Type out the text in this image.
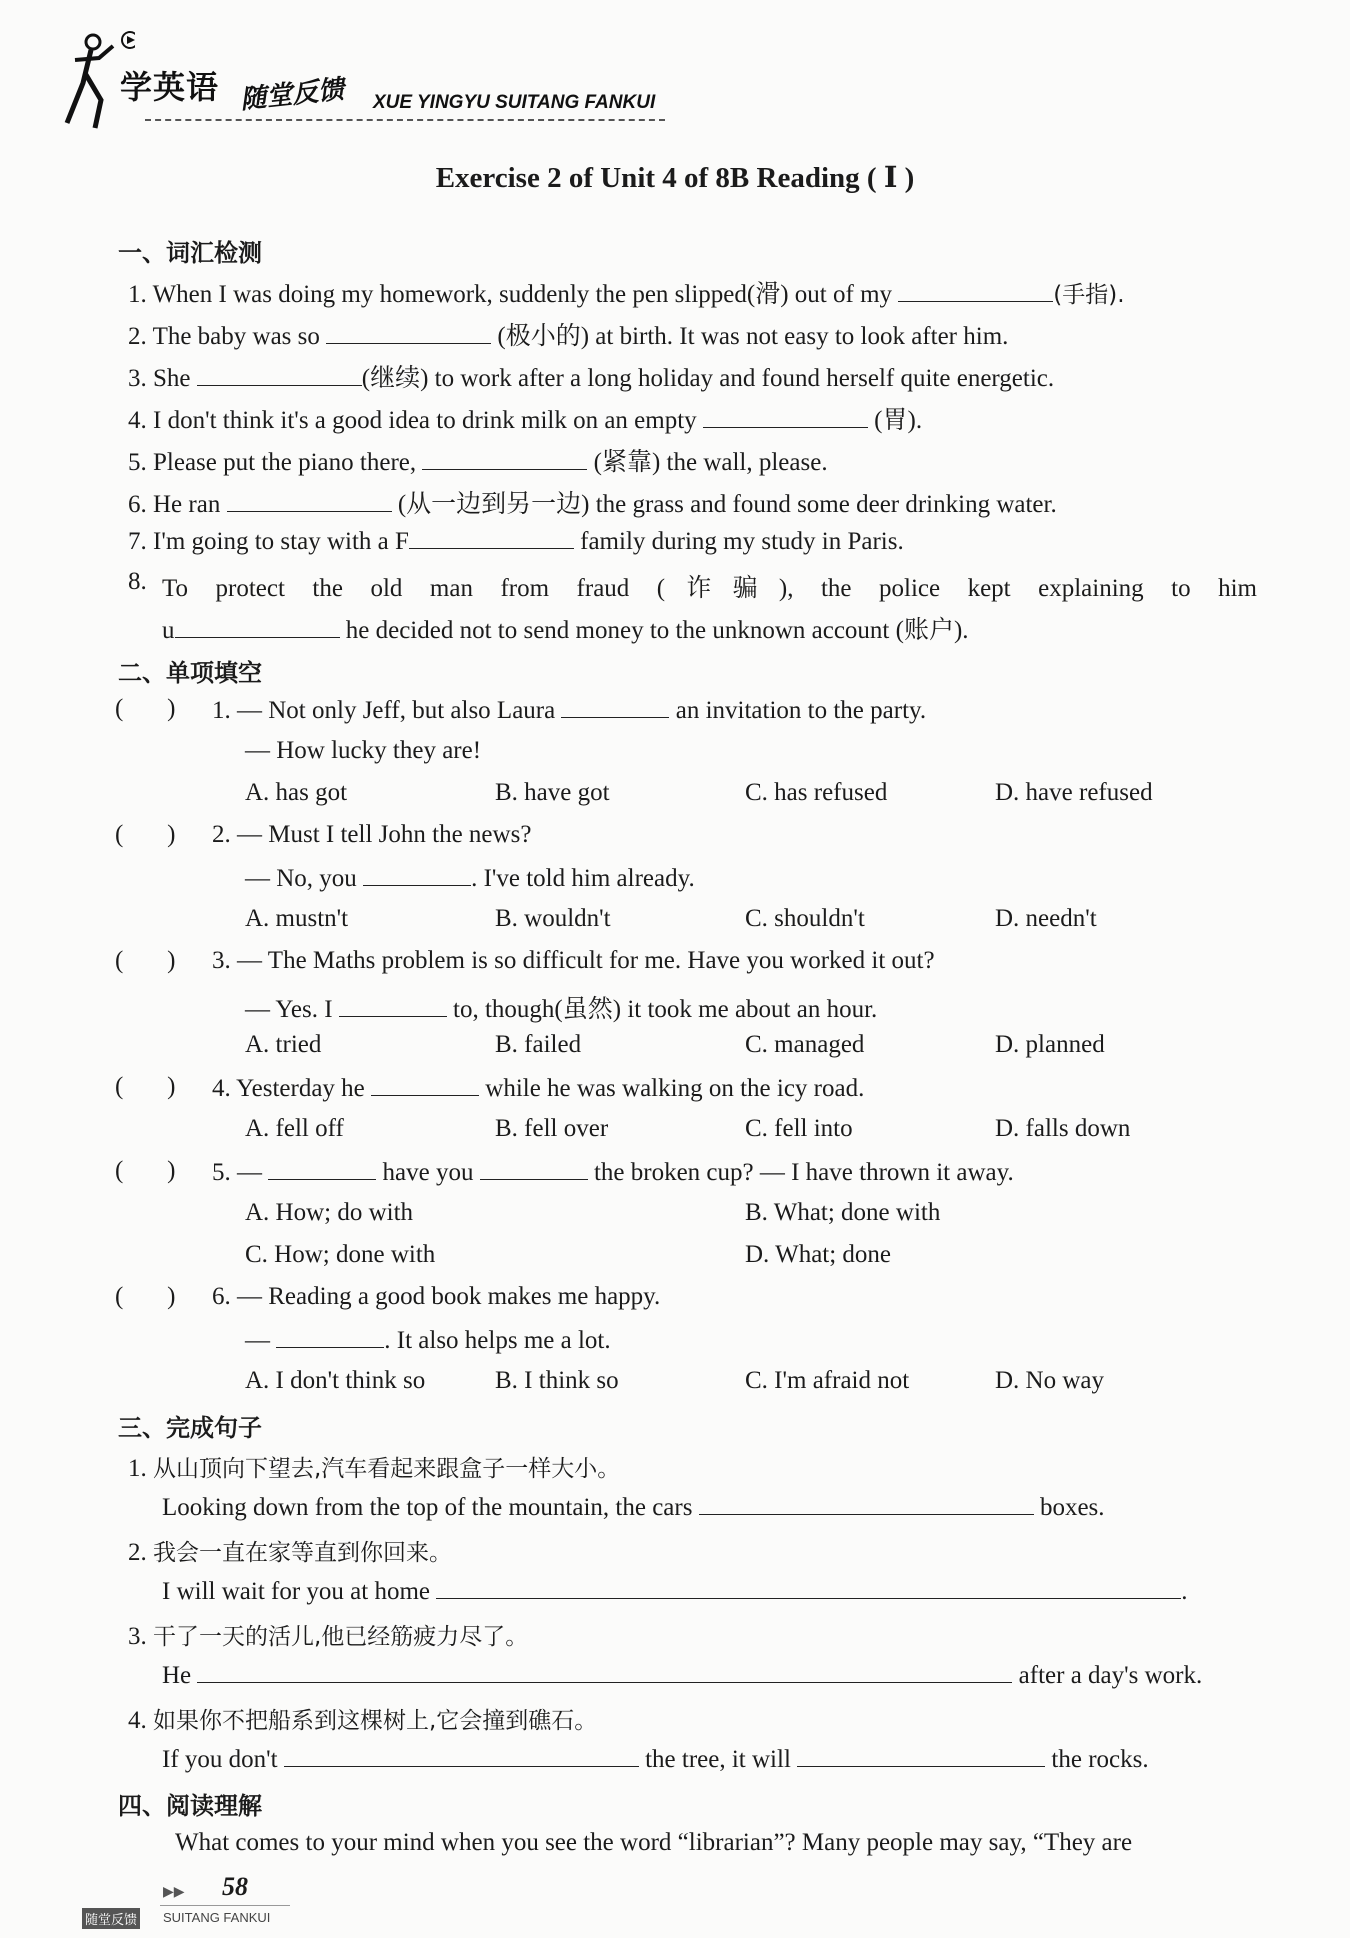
学英语 随堂反馈 XUE YINGYU SUITANG FANKUI
Exercise 2 of Unit 4 of 8B Reading ( Ⅰ )
一、词汇检测
1. When I was doing my homework, suddenly the pen slipped(滑) out of my	(手指).
2. The baby was so	(极小的) at birth. It was not easy to look after him.
3. She	(继续) to work after a long holiday and found herself quite energetic.
4. I don't think it's a good idea to drink milk on an empty	(胃).
5. Please put the piano there,	(紧靠) the wall, please.
6. He ran	(从一边到另一边) the grass and found some deer drinking water.
7. I'm going to stay with a F	family during my study in Paris.
8. To protect the old man from fraud (诈骗), the police kept explaining to him
u	he decided not to send money to the unknown account (账户).
二、单项填空
(       ) 1. — Not only Jeff, but also Laura	an invitation to the party.
— How lucky they are!
A. has got	B. have got	C. has refused	D. have refused
(       ) 2. — Must I tell John the news?
— No, you	. I've told him already.
A. mustn't	B. wouldn't	C. shouldn't	D. needn't
(       ) 3. — The Maths problem is so difficult for me. Have you worked it out?
— Yes. I	to, though(虽然) it took me about an hour.
A. tried	B. failed	C. managed	D. planned
(       ) 4. Yesterday he	while he was walking on the icy road.
A. fell off	B. fell over	C. fell into	D. falls down
(       ) 5. —	have you	the broken cup? — I have thrown it away.
A. How; do with	B. What; done with
C. How; done with	D. What; done
(       ) 6. — Reading a good book makes me happy.
—	. It also helps me a lot.
A. I don't think so	B. I think so	C. I'm afraid not	D. No way
三、完成句子
1. 从山顶向下望去,汽车看起来跟盒子一样大小。
Looking down from the top of the mountain, the cars	boxes.
2. 我会一直在家等直到你回来。
I will wait for you at home	.
3. 干了一天的活儿,他已经筋疲力尽了。
He	after a day's work.
4. 如果你不把船系到这棵树上,它会撞到礁石。
If you don't	the tree, it will	the rocks.
四、阅读理解
What comes to your mind when you see the word “librarian”? Many people may say, “They are
▶▶ 58
随堂反馈 SUITANG FANKUI
